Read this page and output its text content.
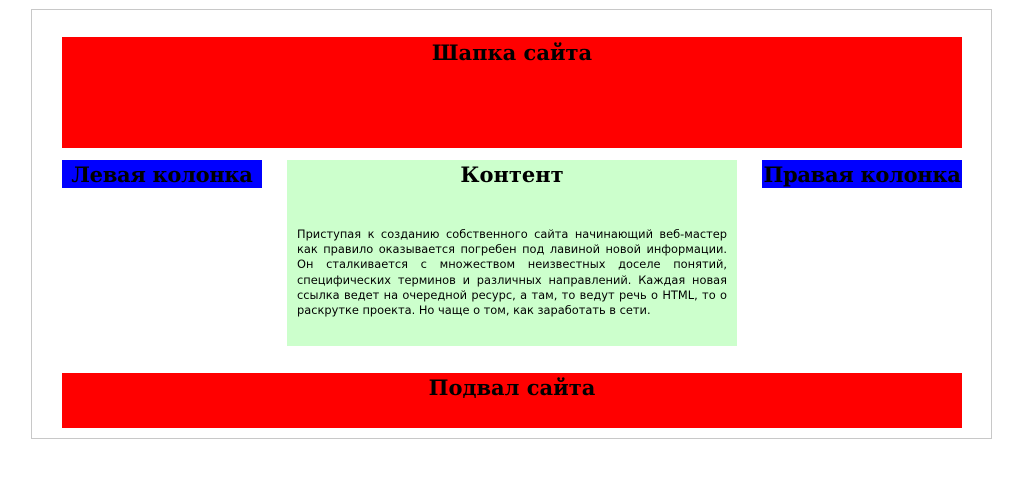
Шапка сайта
Левая колонка	Контент

Приступая к созданию собственного сайта начинающий веб-мастер как правило оказывается погребен под лавиной новой информации. Он сталкивается с множеством неизвестных доселе понятий, специфических терминов и различных направлений. Каждая новая ссылка ведет на очередной ресурс, а там, то ведут речь о HTML, то о раскрутке проекта. Но чаще о том, как заработать в сети.

Правая колонка
Подвал сайта
